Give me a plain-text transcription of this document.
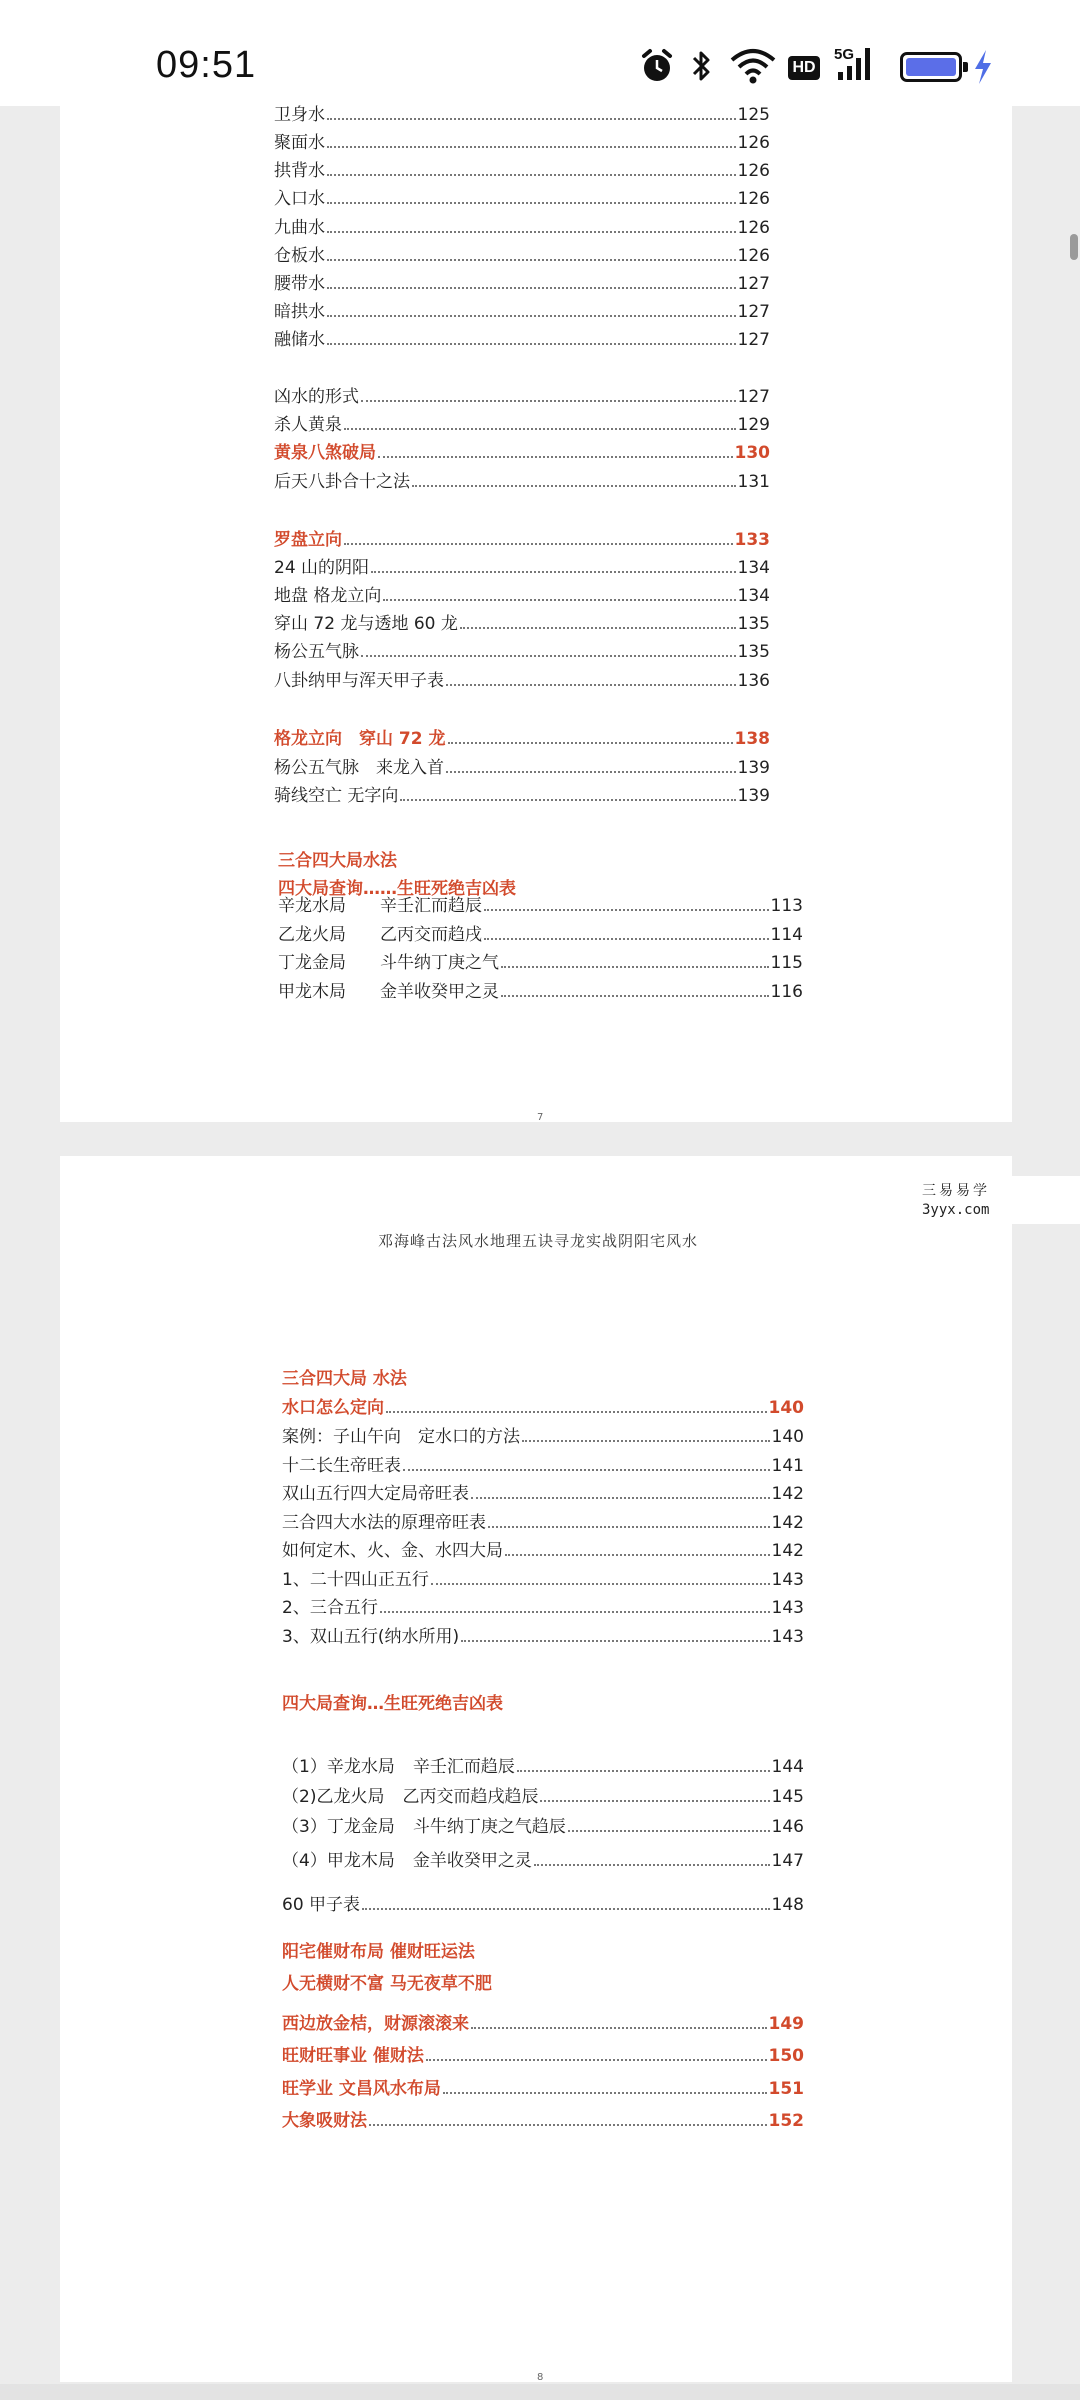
09:51	HD
5G
卫身水	125
聚面水	126
拱背水	126
入口水	126
九曲水	126
仓板水	126
腰带水	127
暗拱水	127
融储水	127
凶水的形式	127
杀人黄泉	129
黄泉八煞破局	130
后天八卦合十之法	131
罗盘立向	133
24 山的阴阳	134
地盘 格龙立向	134
穿山 72 龙与透地 60 龙	135
杨公五气脉	135
八卦纳甲与浑天甲子表	136
格龙立向　穿山 72 龙	138
杨公五气脉　来龙入首	139
骑线空亡 无字向	139
辛龙水局 辛壬汇而趋辰	113
乙龙火局 乙丙交而趋戌	114
丁龙金局 斗牛纳丁庚之气	115
甲龙木局 金羊收癸甲之灵	116
三合四大局水法
四大局查询……生旺死绝吉凶表
7
三易易学
3yyx.com
邓海峰古法风水地理五诀寻龙实战阴阳宅风水
水口怎么定向	140
案例：子山午向　定水口的方法	140
十二长生帝旺表	141
双山五行四大定局帝旺表	142
三合四大水法的原理帝旺表	142
如何定木、火、金、水四大局	142
1、二十四山正五行	143
2、三合五行	143
3、双山五行(纳水所用)	143
（1）辛龙水局 辛壬汇而趋辰	144
（2)乙龙火局 乙丙交而趋戌趋辰	145
（3）丁龙金局 斗牛纳丁庚之气趋辰	146
（4）甲龙木局 金羊收癸甲之灵	147
60 甲子表	148
西边放金桔，财源滚滚来	149
旺财旺事业 催财法	150
旺学业 文昌风水布局	151
大象吸财法	152
三合四大局 水法
四大局查询…生旺死绝吉凶表
阳宅催财布局 催财旺运法
人无横财不富 马无夜草不肥
8
